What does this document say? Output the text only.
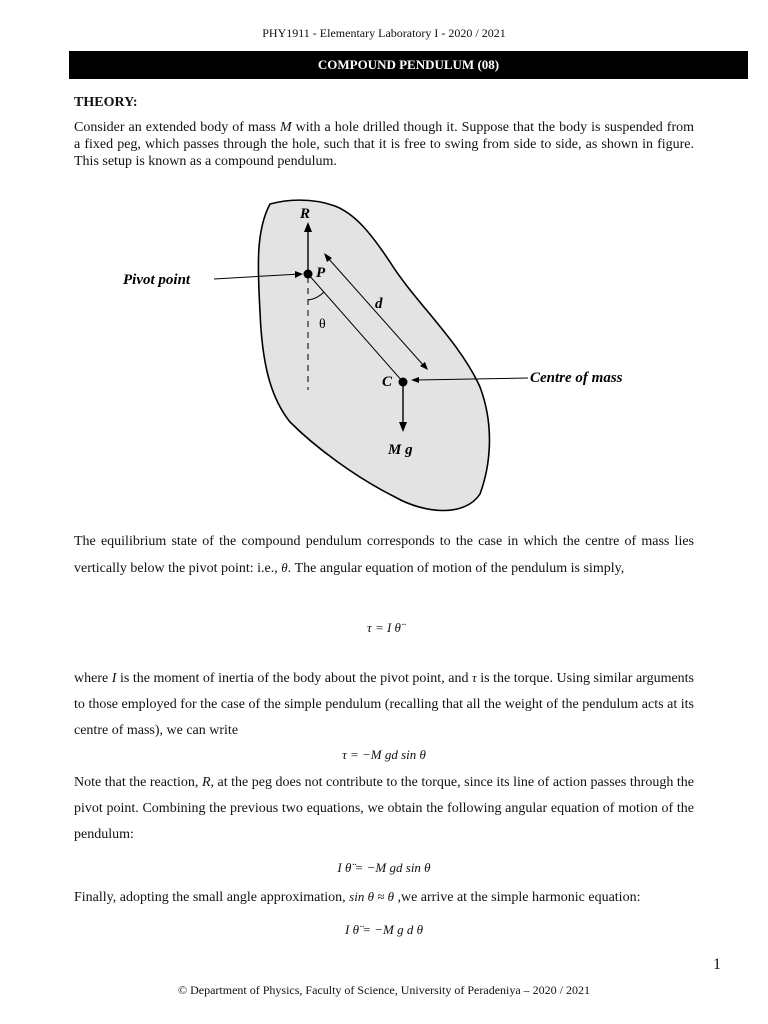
PHY1911 - Elementary Laboratory I - 2020 / 2021
COMPOUND PENDULUM (08)
THEORY:
Consider an extended body of mass M with a hole drilled though it. Suppose that the body is suspended from a fixed peg, which passes through the hole, such that it is free to swing from side to side, as shown in figure. This setup is known as a compound pendulum.
R
P
d
θ
C
M g
Pivot point
Centre of mass
The equilibrium state of the compound pendulum corresponds to the case in which the centre of mass lies vertically below the pivot point: i.e., θ. The angular equation of motion of the pendulum is simply,
τ = I θ̈
where I is the moment of inertia of the body about the pivot point, and τ is the torque. Using similar arguments to those employed for the case of the simple pendulum (recalling that all the weight of the pendulum acts at its centre of mass), we can write
τ = −M gd sin θ
Note that the reaction, R, at the peg does not contribute to the torque, since its line of action passes through the pivot point. Combining the previous two equations, we obtain the following angular equation of motion of the pendulum:
I θ̈ = −M gd sin θ
Finally, adopting the small angle approximation, sin θ ≈ θ ,we arrive at the simple harmonic equation:
I θ̈ = −M g d θ
1
© Department of Physics, Faculty of Science, University of Peradeniya – 2020 / 2021
